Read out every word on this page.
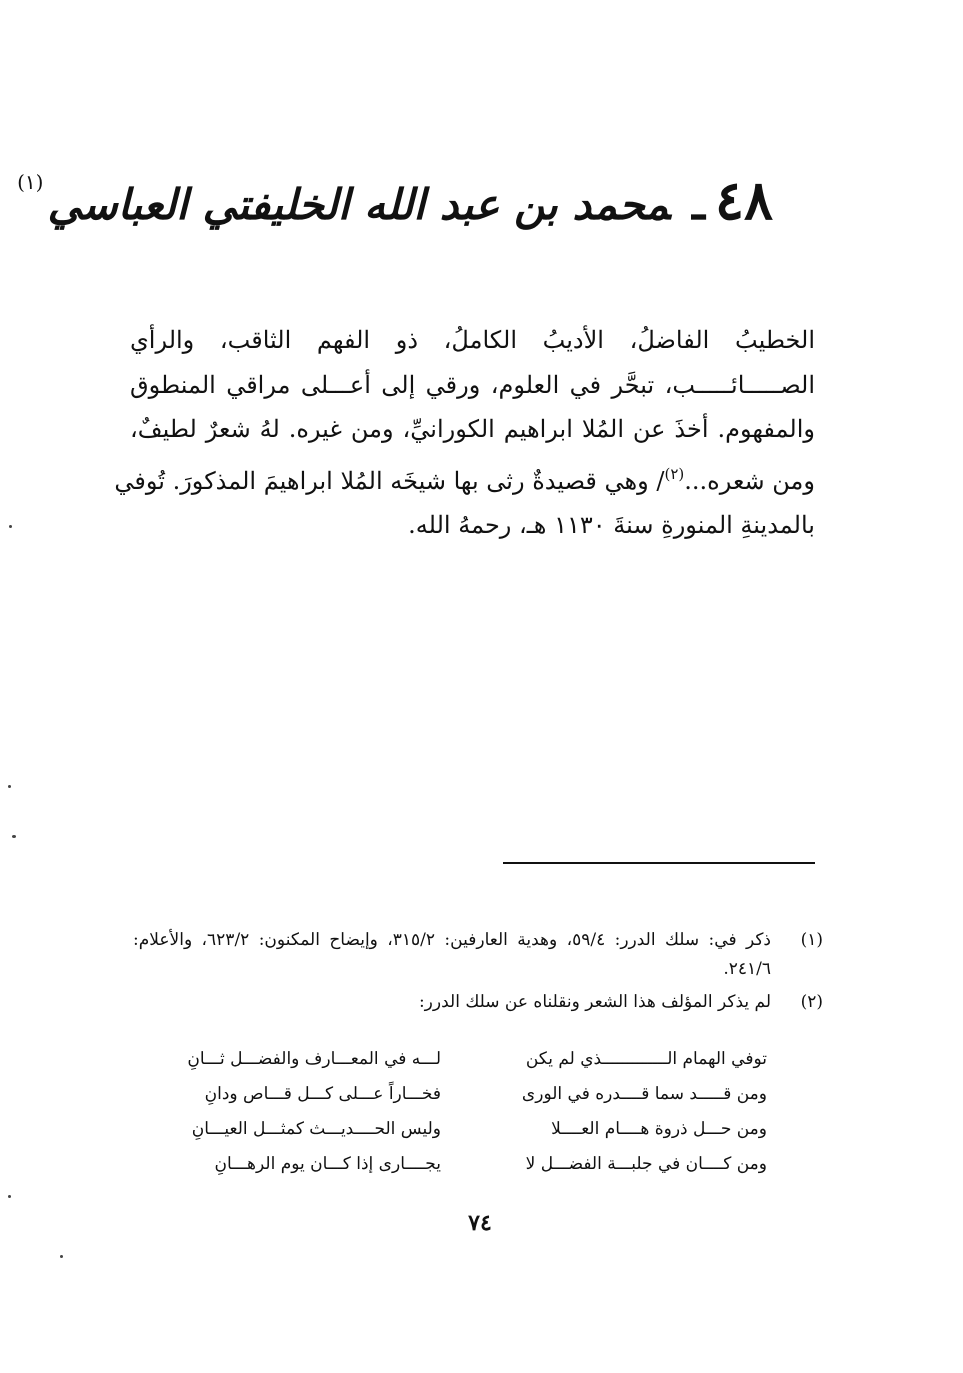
٤٨ـمحمد بن عبد الله الخليفتي العباسي(١)

الخطيبُ الفاضلُ، الأديبُ الكاملُ، ذو الفهم الثاقب، والرأي
الصـــــائـــــب، تبحَّر في العلوم، ورقي إلى أعـــلى مراقي المنطوق
والمفهوم. أخذَ عن المُلا ابراهيم الكورانيِّ، ومن غيره. لهُ شعرٌ لطيفٌ،
ومن شعره...$^{(٢)}$/ وهي قصيدةٌ رثى بها شيخَه المُلا ابراهيمَ المذكورَ. تُوفي
بالمدينةِ المنورةِ سنةَ ١١٣٠ هـ، رحمهُ الله.

(١)
ذكر في: سلك الدرر: ٥٩/٤، وهدية العارفين: ٣١٥/٢، وإيضاح المكنون: ٦٢٣/٢، والأعلام: ٢٤١/٦.
(٢)
لم يذكر المؤلف هذا الشعر ونقلناه عن سلك الدرر:
توفي الهمام الـــــــــــــذي لم يكن
لـــه في المعـــارف والفضـــل ثـــانِ
ومن قـــــد سما قــــدره في الورى
فخـــاراً عـــلى كـــل قـــاص ودانِ
ومن حـــل ذروة هــــام العــــلا
وليس الحــــديـــث كمثـــل العيـــانِ
ومن كــــان في جلبـــة الفضـــل لا
يجــــارى إذا كـــان يوم الرهـــانِ
٧٤
